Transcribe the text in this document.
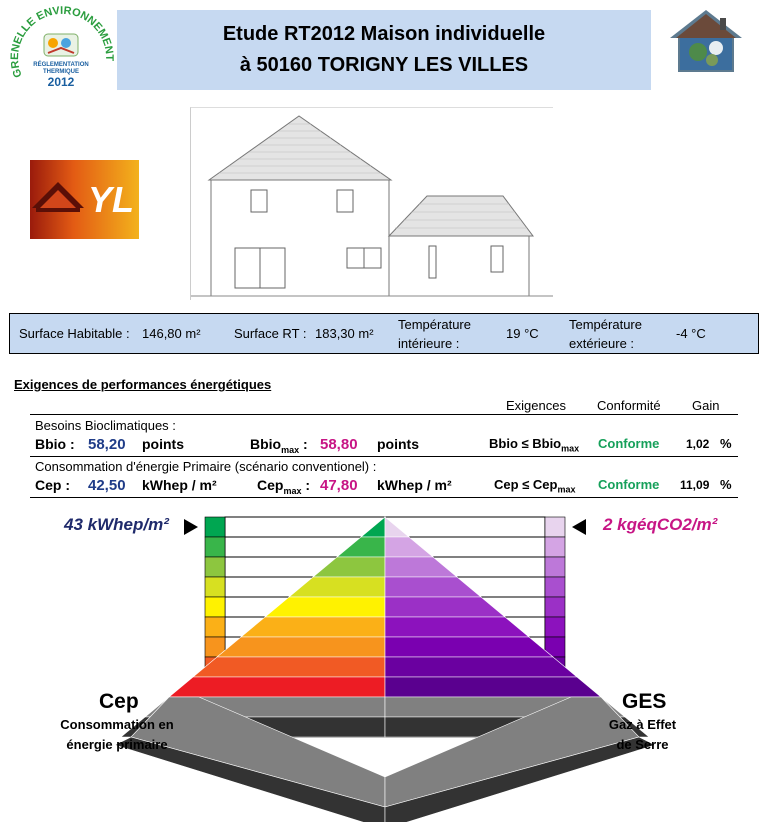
GRENELLE ENVIRONNEMENT
RÉGLEMENTATION
THERMIQUE
2012
Etude RT2012 Maison individuelle
à 50160 TORIGNY LES VILLES
YL
Surface Habitable : 146,80 m²	Surface RT : 183,30 m²
Température
intérieure :
19 °C
Température
extérieure :
-4 °C
Exigences de performances énergétiques
Exigences Conformité Gain
Besoins Bioclimatiques :
Bbio : 58,20 points	Bbio$_{max}$ : 58,80 points	Bbio ≤ Bbio$_{max}$ Conforme 1,02 %
Consommation d'énergie Primaire (scénario conventionel) :
Cep : 42,50 kWhep / m²	Cep$_{max}$ : 47,80 kWhep / m²	Cep ≤ Cep$_{max}$ Conforme 11,09 %
43 kWhep/m²	2 kgéqCO2/m²
Cep
Consommation en
énergie primaire
GES
Gaz à Effet
de Serre
